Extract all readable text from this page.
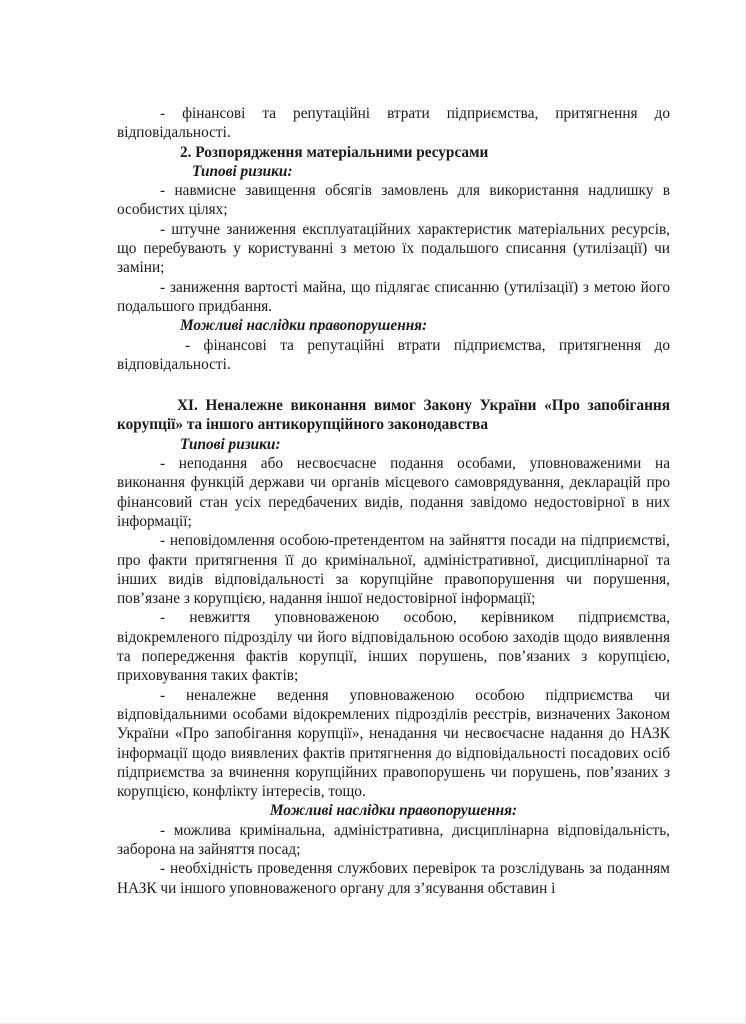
- фінансові та репутаційні втрати підприємства, притягнення до відповідальності.

2. Розпорядження матеріальними ресурсами

Типові ризики:

- навмисне завищення обсягів замовлень для використання надлишку в особистих цілях;

- штучне заниження експлуатаційних характеристик матеріальних ресурсів, що перебувають у користуванні з метою їх подальшого списання (утилізації) чи заміни;

- заниження вартості майна, що підлягає списанню (утилізації) з метою його подальшого придбання.

Можливі наслідки правопорушення:

- фінансові та репутаційні втрати підприємства, притягнення до відповідальності.

XI. Неналежне виконання вимог Закону України «Про запобігання корупції» та іншого антикорупційного законодавства

Типові ризики:

- неподання або несвоєчасне подання особами, уповноваженими на виконання функцій держави чи органів місцевого самоврядування, декларацій про фінансовий стан усіх передбачених видів, подання завідомо недостовірної в них інформації;

- неповідомлення особою-претендентом на зайняття посади на підприємстві, про факти притягнення її до кримінальної, адміністративної, дисциплінарної та інших видів відповідальності за корупційне правопорушення чи порушення, пов’язане з корупцією, надання іншої недостовірної інформації;

- невжиття уповноваженою особою, керівником підприємства, відокремленого підрозділу чи його відповідальною особою заходів щодо виявлення та попередження фактів корупції, інших порушень, пов’язаних з корупцією, приховування таких фактів;

- неналежне ведення уповноваженою особою підприємства чи відповідальними особами відокремлених підрозділів реєстрів, визначених Законом України «Про запобігання корупції», ненадання чи несвоєчасне надання до НАЗК інформації щодо виявлених фактів притягнення до відповідальності посадових осіб підприємства за вчинення корупційних правопорушень чи порушень, пов’язаних з корупцією, конфлікту інтересів, тощо.

Можливі наслідки правопорушення:

- можлива кримінальна, адміністративна, дисциплінарна відповідальність, заборона на зайняття посад;

- необхідність проведення службових перевірок та розслідувань за поданням НАЗК чи іншого уповноваженого органу для з’ясування обставин і
